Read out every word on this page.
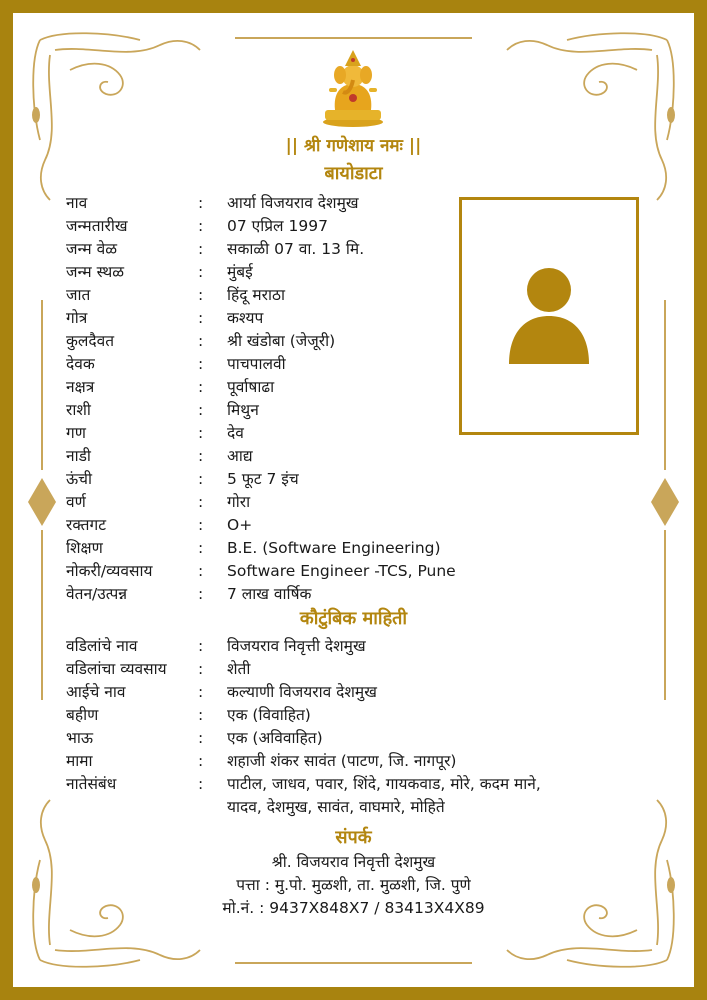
|| श्री गणेशाय नमः ||
बायोडाटा
नाव	: आर्या विजयराव देशमुख
जन्मतारीख	: 07 एप्रिल 1997
जन्म वेळ	: सकाळी 07 वा. 13 मि.
जन्म स्थळ	: मुंबई
जात	: हिंदू मराठा
गोत्र	: कश्यप
कुलदैवत	: श्री खंडोबा (जेजूरी)
देवक	: पाचपालवी
नक्षत्र	: पूर्वाषाढा
राशी	: मिथुन
गण	: देव
नाडी	: आद्य
ऊंची	: 5 फूट 7 इंच
वर्ण	: गोरा
रक्तगट	: O+
शिक्षण	: B.E. (Software Engineering)
नोकरी/व्यवसाय	: Software Engineer -TCS, Pune
वेतन/उत्पन्न	: 7 लाख वार्षिक
कौटुंबिक माहिती
वडिलांचे नाव	: विजयराव निवृत्ती देशमुख
वडिलांचा व्यवसाय : शेती
आईचे नाव	: कल्याणी विजयराव देशमुख
बहीण	: एक (विवाहित)
भाऊ	: एक (अविवाहित)
मामा	: शहाजी शंकर सावंत (पाटण, जि. नागपूर)
नातेसंबंध	: पाटील, जाधव, पवार, शिंदे, गायकवाड, मोरे, कदम माने, यादव, देशमुख, सावंत, वाघमारे, मोहिते
संपर्क
श्री. विजयराव निवृत्ती देशमुख
पत्ता : मु.पो. मुळशी, ता. मुळशी, जि. पुणे
मो.नं. : 9437X848X7 / 83413X4X89
